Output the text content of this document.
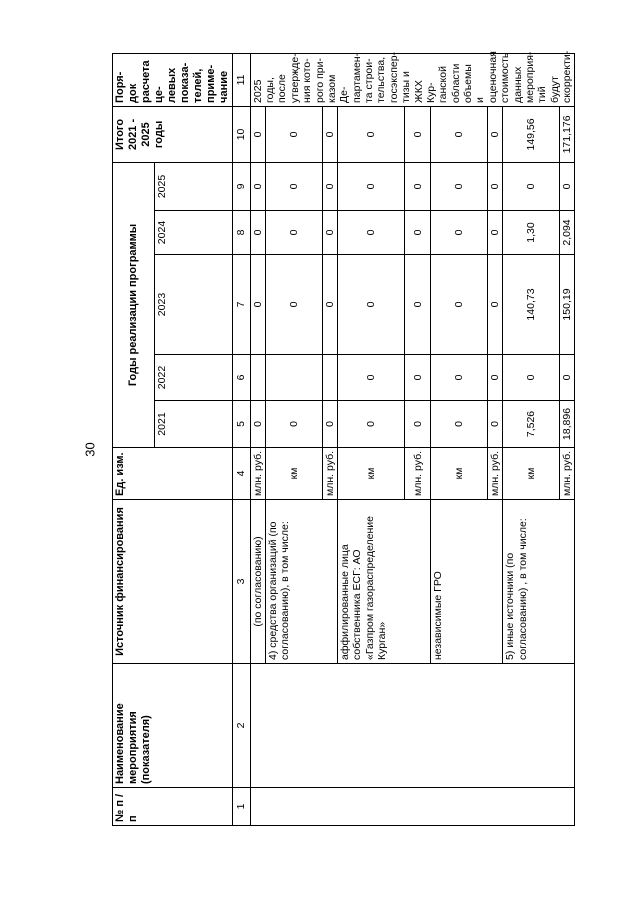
30
№ п / п	Наименование мероприятия (показателя)	Источник финансирования	Ед. изм.	Годы реализации программы					Итого 2021 - 2025 годы	Порядок расчета целевых показателей, примечание
				2021	2022	2023	2024	2025		
1	2	3	4	5	6	7	8	9	10	11
		(по согласованию)	млн. руб.	0		0	0	0	0	2025 годы, после утверждения которого приказом Департамента строительства, госэкспертизы и ЖКХ Курганской области объемы и оценочная стоимость данных мероприятий будут скорректи-
		4) средства организаций (по согласованию), в том числе:	км	0		0	0	0	0	
			млн. руб.	0		0	0	0	0	
		аффилированные лица собственника ЕСГ: АО «Газпром газораспределение Курган»	км	0	0	0	0	0	0	
			млн. руб.	0	0	0	0	0	0	
		независимые ГРО	км	0	0	0	0	0	0	
			млн. руб.	0	0	0	0	0	0	
		5) иные источники (по согласованию) , в том числе:	км	7,526	0	140,73	1,30	0	149,56	
			млн. руб.	18,896	0	150,19	2,094	0	171,176	
